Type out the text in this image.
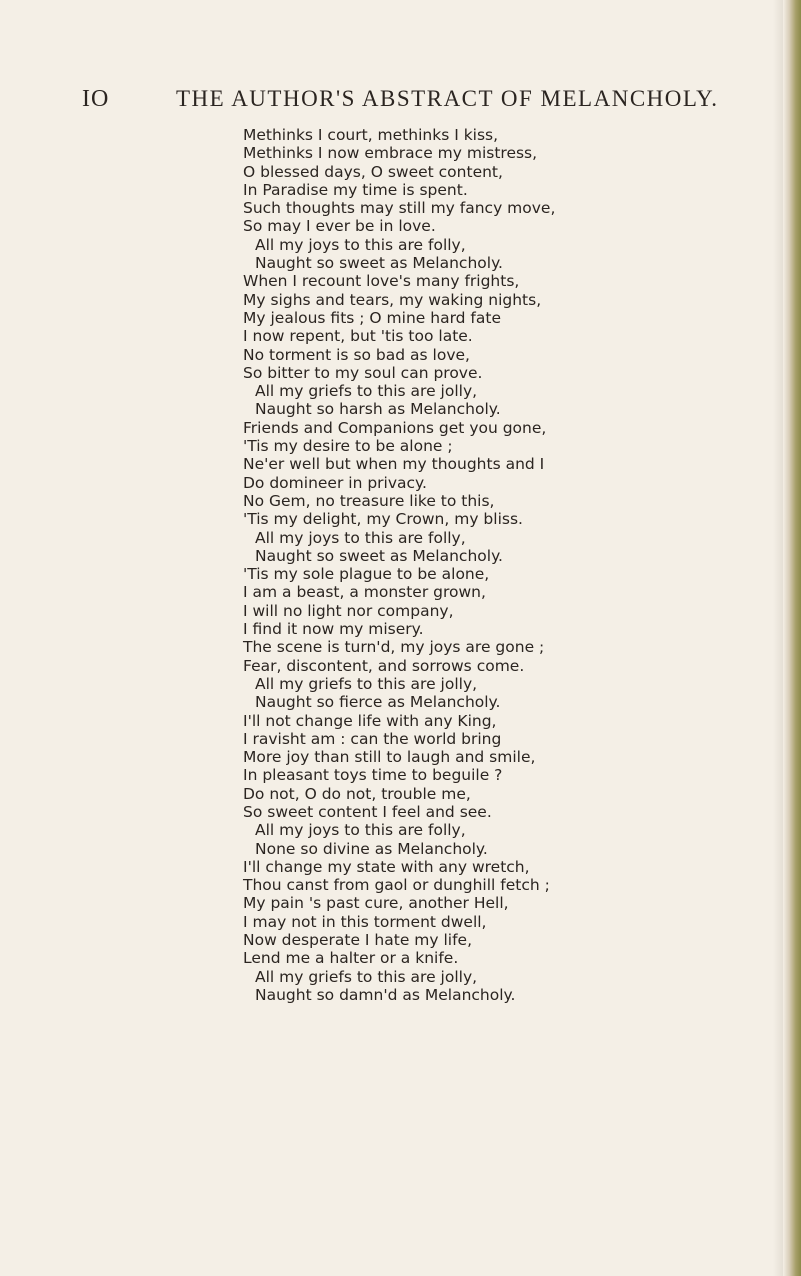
IO	THE AUTHOR'S ABSTRACT OF MELANCHOLY.
Methinks I court, methinks I kiss,
Methinks I now embrace my mistress,
O blessed days, O sweet content,
In Paradise my time is spent.
Such thoughts may still my fancy move,
So may I ever be in love.
All my joys to this are folly,
Naught so sweet as Melancholy.
When I recount love's many frights,
My sighs and tears, my waking nights,
My jealous fits ; O mine hard fate
I now repent, but 'tis too late.
No torment is so bad as love,
So bitter to my soul can prove.
All my griefs to this are jolly,
Naught so harsh as Melancholy.
Friends and Companions get you gone,
'Tis my desire to be alone ;
Ne'er well but when my thoughts and I
Do domineer in privacy.
No Gem, no treasure like to this,
'Tis my delight, my Crown, my bliss.
All my joys to this are folly,
Naught so sweet as Melancholy.
'Tis my sole plague to be alone,
I am a beast, a monster grown,
I will no light nor company,
I find it now my misery.
The scene is turn'd, my joys are gone ;
Fear, discontent, and sorrows come.
All my griefs to this are jolly,
Naught so fierce as Melancholy.
I'll not change life with any King,
I ravisht am : can the world bring
More joy than still to laugh and smile,
In pleasant toys time to beguile ?
Do not, O do not, trouble me,
So sweet content I feel and see.
All my joys to this are folly,
None so divine as Melancholy.
I'll change my state with any wretch,
Thou canst from gaol or dunghill fetch ;
My pain 's past cure, another Hell,
I may not in this torment dwell,
Now desperate I hate my life,
Lend me a halter or a knife.
All my griefs to this are jolly,
Naught so damn'd as Melancholy.
